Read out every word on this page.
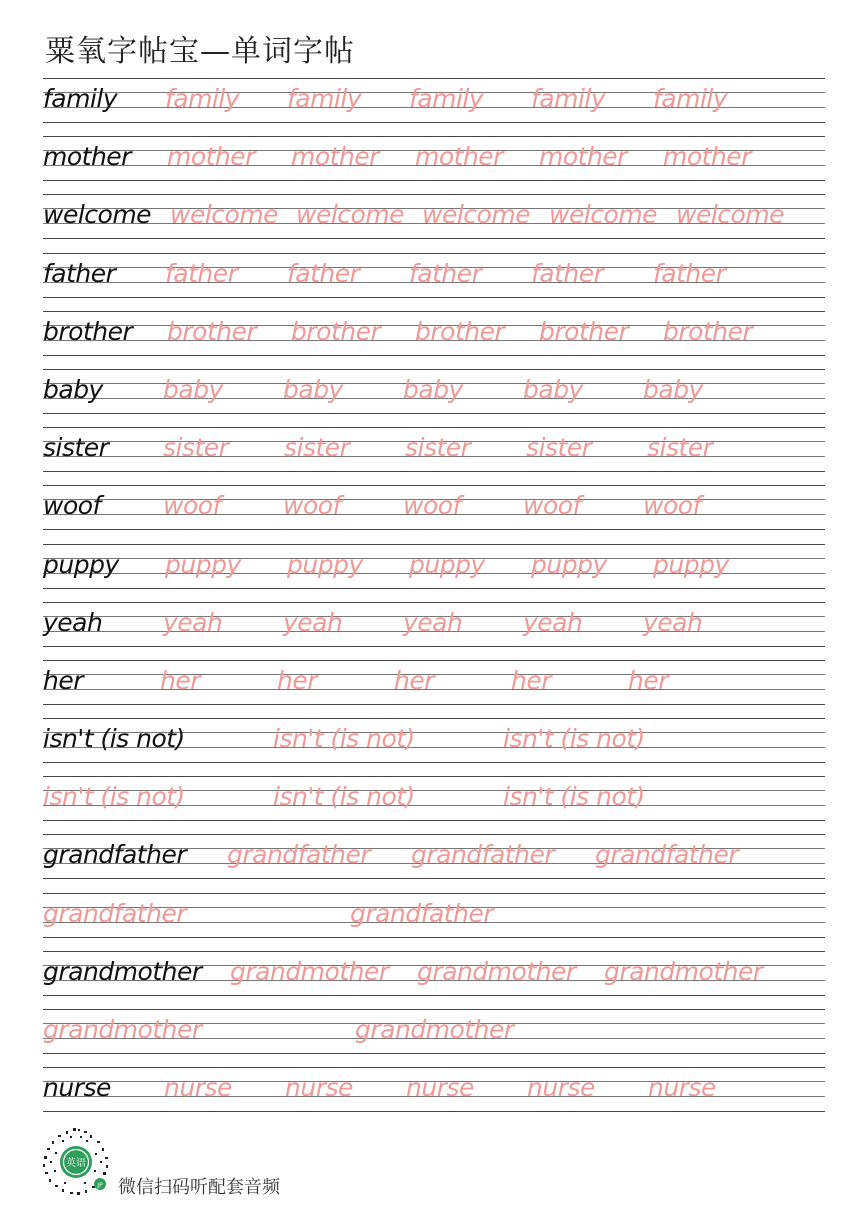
粟氧字帖宝—单词字帖
family family family family family family
mother mother mother mother mother mother
welcome welcome welcome welcome welcome welcome
father father father father father father
brother brother brother brother brother brother
baby baby baby baby baby baby
sister sister sister sister sister sister
woof woof woof woof woof woof
puppy puppy puppy puppy puppy puppy
yeah yeah yeah yeah yeah yeah
her	her	her	her	her	her
isn't (is not)	isn't (is not)	isn't (is not)
isn't (is not)	isn't (is not)	isn't (is not)
grandfather grandfather grandfather grandfather
grandfather	grandfather
grandmother grandmother grandmother grandmother
grandmother	grandmother
nurse nurse nurse nurse nurse nurse
英语
JP 微信扫码听配套音频
